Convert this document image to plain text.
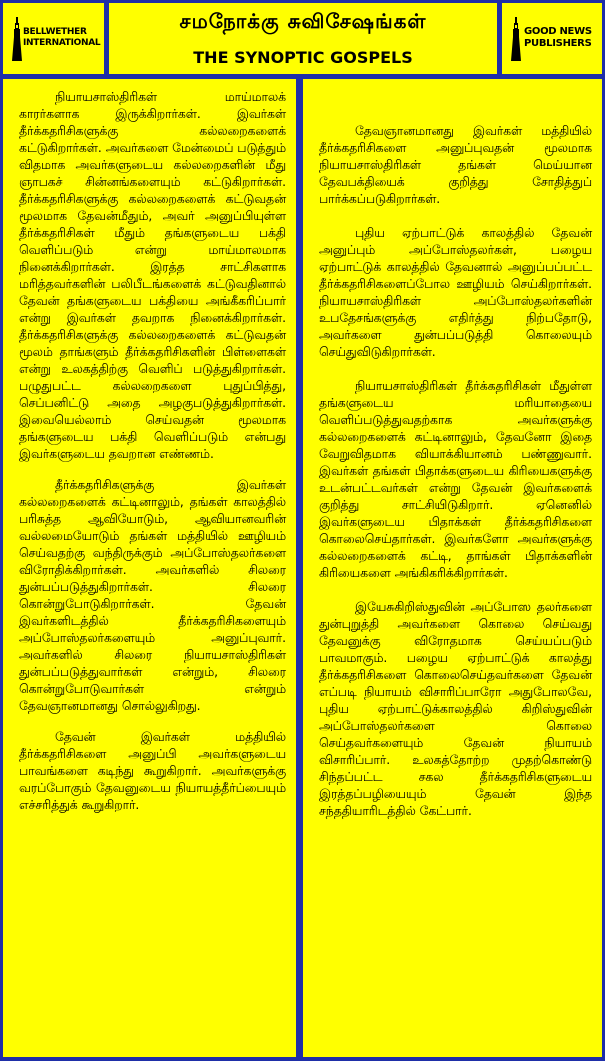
BELLWETHER
INTERNATIONAL
சமநோக்கு சுவிசேஷங்கள்
THE SYNOPTIC GOSPELS
GOOD NEWS
PUBLISHERS

நியாயசாஸ்திரிகள் மாய்மாலக் காரர்களாக இருக்கிறார்கள். இவர்கள் தீர்க்கதரிசிகளுக்கு கல்லறைகளைக் கட்டுகிறார்கள். அவர்களை மேன்மைப் படுத்தும் விதமாக அவர்களுடைய கல்லறைகளின் மீது ஞாபகச் சின்னங்களையும் கட்டுகிறார்கள். தீர்க்கதரிசிகளுக்கு கல்லறைகளைக் கட்டுவதன் மூலமாக தேவன்மீதும், அவர் அனுப்பியுள்ள தீர்க்கதரிசிகள் மீதும் தங்களுடைய பக்தி வெளிப்படும் என்று மாய்மாலமாக நினைக்கிறார்கள். இரத்த சாட்சிகளாக மரித்தவர்களின் பலிபீடங்களைக் கட்டுவதினால் தேவன் தங்களுடைய பக்தியை அங்கீகரிப்பார் என்று இவர்கள் தவறாக நினைக்கிறார்கள். தீர்க்கதரிசிகளுக்கு கல்லறைகளைக் கட்டுவதன் மூலம் தாங்களும் தீர்க்கதரிசிகளின் பிள்ளைகள் என்று உலகத்திற்கு வெளிப் படுத்துகிறார்கள். பழுதுபட்ட கல்லறைகளை புதுப்பித்து, செப்பனிட்டு அதை அழகுபடுத்துகிறார்கள். இவையெல்லாம் செய்வதன் மூலமாக தங்களுடைய பக்தி வெளிப்படும் என்பது இவர்களுடைய தவறான எண்ணம்.

தீர்க்கதரிசிகளுக்கு இவர்கள் கல்லறைகளைக் கட்டினாலும், தங்கள் காலத்தில் பரிசுத்த ஆவியோடும், ஆவியானவரின் வல்லமையோடும் தங்கள் மத்தியில் ஊழியம் செய்வதற்கு வந்திருக்கும் அப்போஸ்தலர்களை விரோதிக்கிறார்கள். அவர்களில் சிலரை துன்பப்படுத்துகிறார்கள். சிலரை கொன்றுபோடுகிறார்கள். தேவன் இவர்களிடத்தில் தீர்க்கதரிசிகளையும் அப்போஸ்தலர்களையும் அனுப்புவார். அவர்களில் சிலரை நியாயசாஸ்திரிகள் துன்பப்படுத்துவார்கள் என்றும், சிலரை கொன்றுபோடுவார்கள் என்றும் தேவஞானமானது சொல்லுகிறது.

தேவன் இவர்கள் மத்தியில் தீர்க்கதரிசிகளை அனுப்பி அவர்களுடைய பாவங்களை கடிந்து கூறுகிறார். அவர்களுக்கு வரப்போகும் தேவனுடைய நியாயத்தீர்ப்பையும் எச்சரித்துக் கூறுகிறார்.

தேவஞானமானது இவர்கள் மத்தியில் தீர்க்கதரிசிகளை அனுப்புவதன் மூலமாக நியாயசாஸ்திரிகள் தங்கள் மெய்யான தேவபக்தியைக் குறித்து சோதித்துப் பார்க்கப்படுகிறார்கள்.

புதிய ஏற்பாட்டுக் காலத்தில் தேவன் அனுப்பும் அப்போஸ்தலர்கள், பழைய ஏற்பாட்டுக் காலத்தில் தேவனால் அனுப்பப்பட்ட தீர்க்கதரிசிகளைப்போல ஊழியம் செய்கிறார்கள். நியாயசாஸ்திரிகள் அப்போஸ்தலர்களின் உபதேசங்களுக்கு எதிர்த்து நிற்பதோடு, அவர்களை துன்பப்படுத்தி கொலையும் செய்துவிடுகிறார்கள்.

நியாயசாஸ்திரிகள் தீர்க்கதரிசிகள் மீதுள்ள தங்களுடைய மரியாதையை வெளிப்படுத்துவதற்காக அவர்களுக்கு கல்லறைகளைக் கட்டினாலும், தேவனோ இதை வேறுவிதமாக வியாக்கியானம் பண்ணுவார். இவர்கள் தங்கள் பிதாக்களுடைய கிரியைகளுக்கு உடன்பட்டவர்கள் என்று தேவன் இவர்களைக் குறித்து சாட்சியிடுகிறார். ஏனெனில் இவர்களுடைய பிதாக்கள் தீர்க்கதரிசிகளை கொலைசெய்தார்கள். இவர்களோ அவர்களுக்கு கல்லறைகளைக் கட்டி, தாங்கள் பிதாக்களின் கிரியைகளை அங்கிகரிக்கிறார்கள்.

இயேசுகிறிஸ்துவின் அப்போஸ தலர்களை துன்புறுத்தி அவர்களை கொலை செய்வது தேவனுக்கு விரோதமாக செய்யப்படும் பாவமாகும். பழைய ஏற்பாட்டுக் காலத்து தீர்க்கதரிசிகளை கொலைசெய்தவர்களை தேவன் எப்படி நியாயம் விசாரிப்பாரோ அதுபோலவே, புதிய ஏற்பாட்டுக்காலத்தில் கிறிஸ்துவின் அப்போஸ்தலர்களை கொலை செய்தவர்களையும் தேவன் நியாயம் விசாரிப்பார். உலகத்தோற்ற முதற்கொண்டு சிந்தப்பட்ட சகல தீர்க்கதரிசிகளுடைய இரத்தப்பழியையும் தேவன் இந்த சந்ததியாரிடத்தில் கேட்பார்.
